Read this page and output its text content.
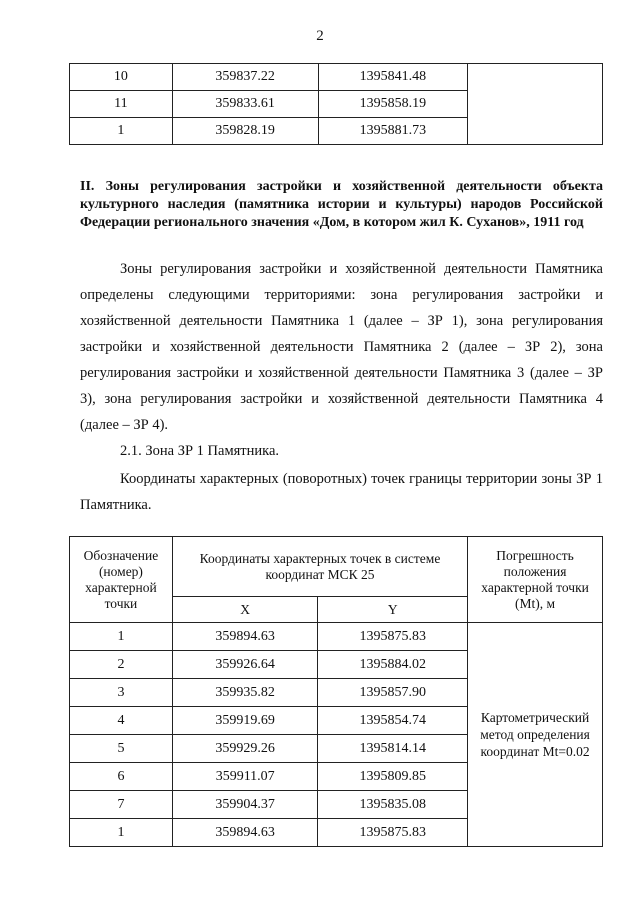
2
10	359837.22	1395841.48	
11	359833.61	1395858.19	
1	359828.19	1395881.73	
II. Зоны регулирования застройки и хозяйственной деятельности объекта культурного наследия (памятника истории и культуры) народов Российской Федерации регионального значения «Дом, в котором жил К. Суханов», 1911 год
Зоны регулирования застройки и хозяйственной деятельности Памятника определены следующими территориями: зона регулирования застройки и хозяйственной деятельности Памятника 1 (далее – ЗР 1), зона регулирования застройки и хозяйственной деятельности Памятника 2 (далее – ЗР 2), зона регулирования застройки и хозяйственной деятельности Памятника 3 (далее – ЗР 3), зона регулирования застройки и хозяйственной деятельности Памятника 4 (далее – ЗР 4).
2.1. Зона ЗР 1 Памятника.
Координаты характерных (поворотных) точек границы территории зоны ЗР 1 Памятника.
Обозначение (номер) характерной точки	Координаты характерных точек в системе координат МСК 25		Погрешность положения характерной точки (Mt), м
	X	Y	
1	359894.63	1395875.83	Картометрический метод определения координат Mt=0.02
2	359926.64	1395884.02	
3	359935.82	1395857.90	
4	359919.69	1395854.74	
5	359929.26	1395814.14	
6	359911.07	1395809.85	
7	359904.37	1395835.08	
1	359894.63	1395875.83	
